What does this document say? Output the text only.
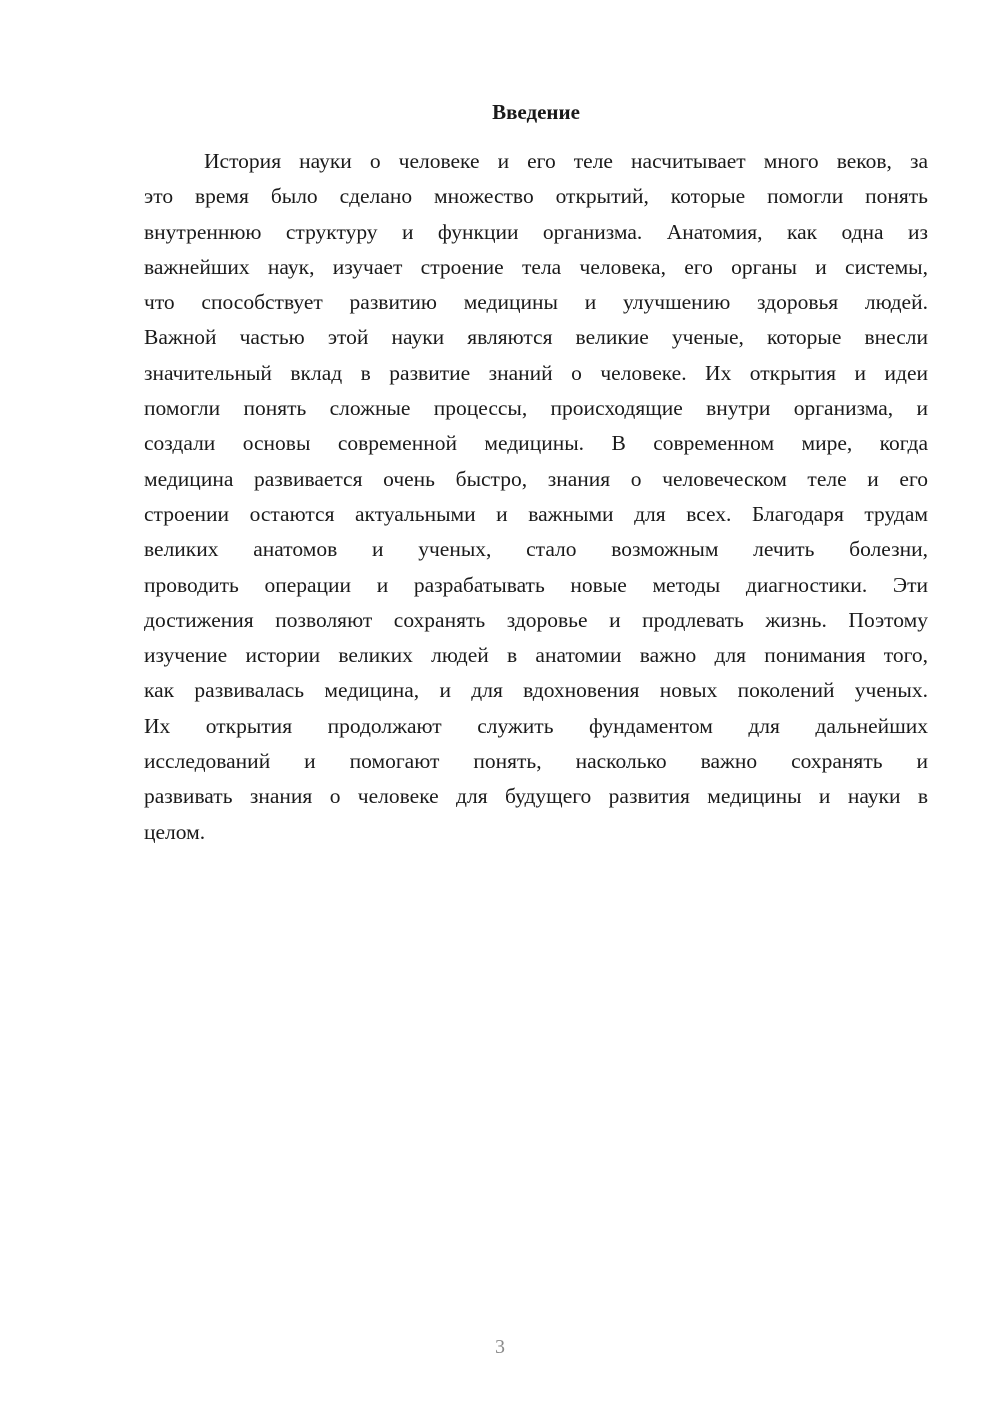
Введение
История науки о человеке и его теле насчитывает много веков, за
это время было сделано множество открытий, которые помогли понять
внутреннюю структуру и функции организма. Анатомия, как одна из
важнейших наук, изучает строение тела человека, его органы и системы,
что способствует развитию медицины и улучшению здоровья людей.
Важной частью этой науки являются великие ученые, которые внесли
значительный вклад в развитие знаний о человеке. Их открытия и идеи
помогли понять сложные процессы, происходящие внутри организма, и
создали основы современной медицины. В современном мире, когда
медицина развивается очень быстро, знания о человеческом теле и его
строении остаются актуальными и важными для всех. Благодаря трудам
великих анатомов и ученых, стало возможным лечить болезни,
проводить операции и разрабатывать новые методы диагностики. Эти
достижения позволяют сохранять здоровье и продлевать жизнь. Поэтому
изучение истории великих людей в анатомии важно для понимания того,
как развивалась медицина, и для вдохновения новых поколений ученых.
Их открытия продолжают служить фундаментом для дальнейших
исследований и помогают понять, насколько важно сохранять и
развивать знания о человеке для будущего развития медицины и науки в
целом.
3
